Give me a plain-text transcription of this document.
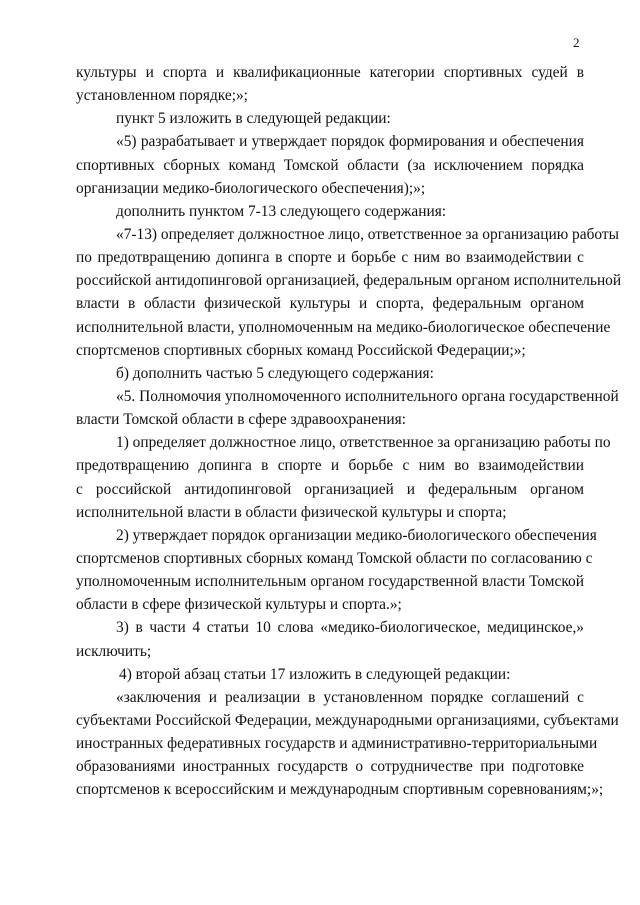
2
культуры и спорта и квалификационные категории спортивных судей в
установленном порядке;»;
пункт 5 изложить в следующей редакции:
«5) разрабатывает и утверждает порядок формирования и обеспечения
спортивных сборных команд Томской области (за исключением порядка
организации медико-биологического обеспечения);»;
дополнить пунктом 7-13 следующего содержания:
«7-13) определяет должностное лицо, ответственное за организацию работы
по предотвращению допинга в спорте и борьбе с ним во взаимодействии с
российской антидопинговой организацией, федеральным органом исполнительной
власти в области физической культуры и спорта, федеральным органом
исполнительной власти, уполномоченным на медико-биологическое обеспечение
спортсменов спортивных сборных команд Российской Федерации;»;
б) дополнить частью 5 следующего содержания:
«5. Полномочия уполномоченного исполнительного органа государственной
власти Томской области в сфере здравоохранения:
1) определяет должностное лицо, ответственное за организацию работы по
предотвращению допинга в спорте и борьбе с ним во взаимодействии
с российской антидопинговой организацией и федеральным органом
исполнительной власти в области физической культуры и спорта;
2) утверждает порядок организации медико-биологического обеспечения
спортсменов спортивных сборных команд Томской области по согласованию с
уполномоченным исполнительным органом государственной власти Томской
области в сфере физической культуры и спорта.»;
3) в части 4 статьи 10 слова «медико-биологическое, медицинское,»
исключить;
4) второй абзац статьи 17 изложить в следующей редакции:
«заключения и реализации в установленном порядке соглашений с
субъектами Российской Федерации, международными организациями, субъектами
иностранных федеративных государств и административно-территориальными
образованиями иностранных государств о сотрудничестве при подготовке
спортсменов к всероссийским и международным спортивным соревнованиям;»;
